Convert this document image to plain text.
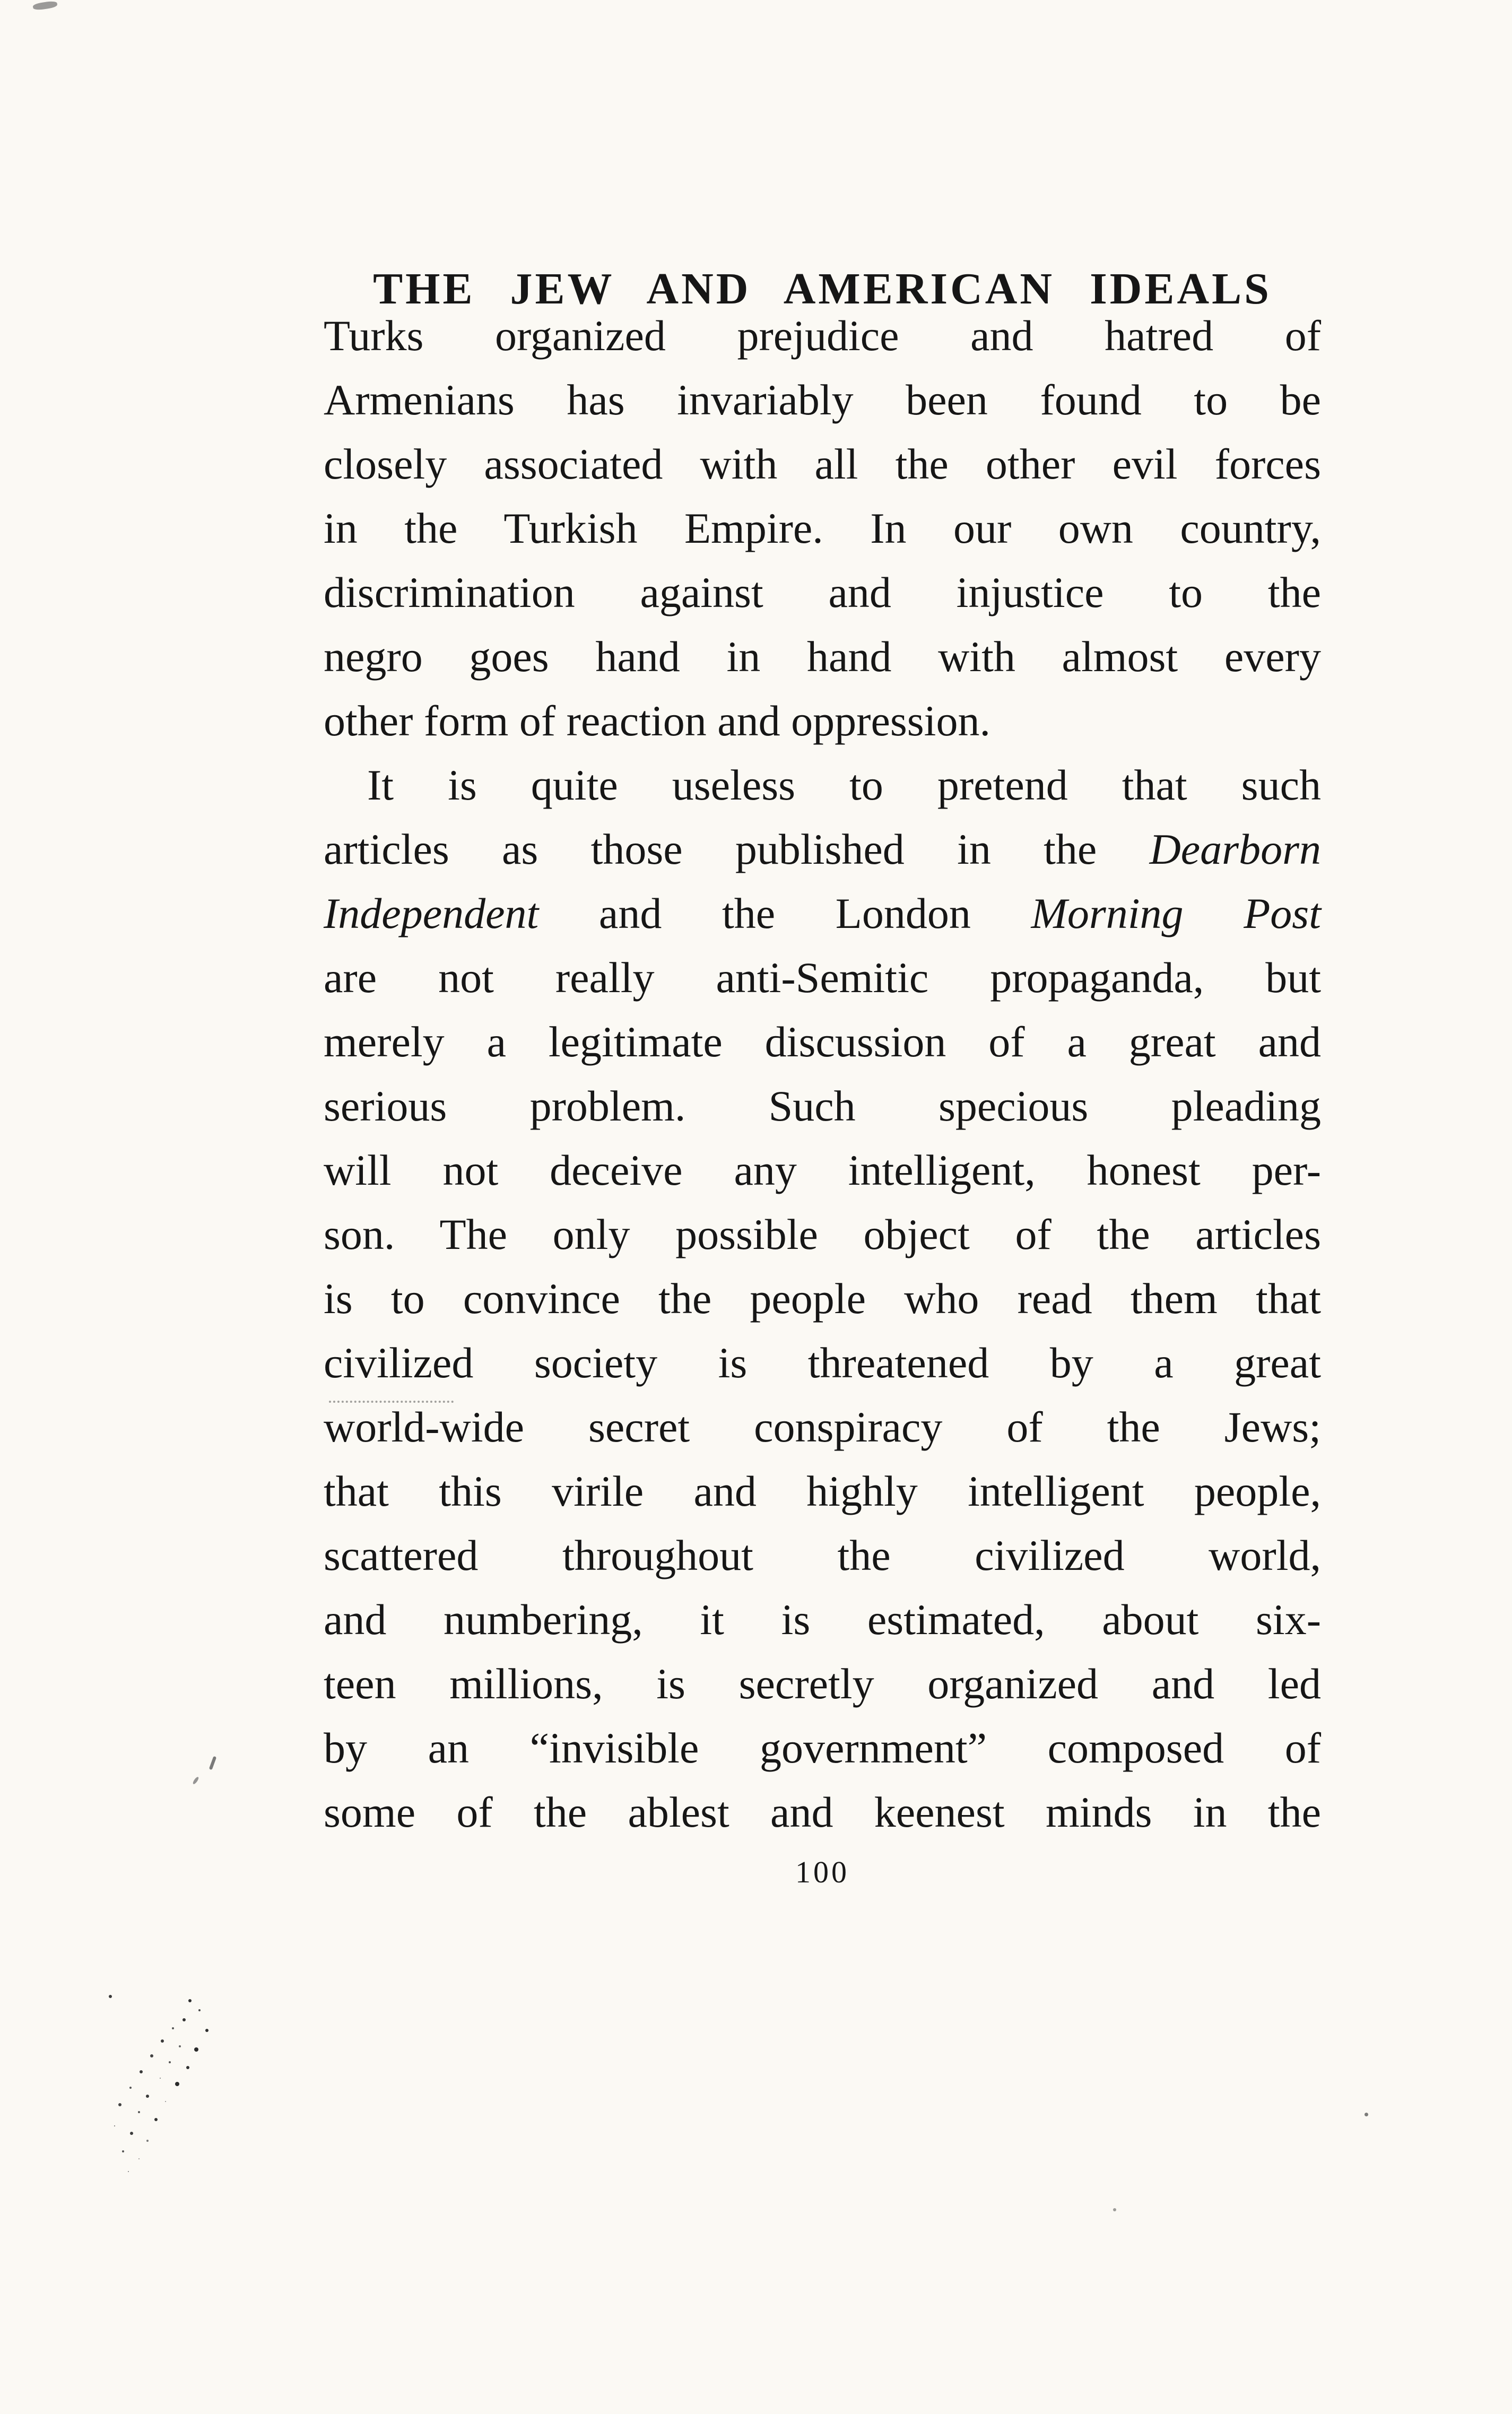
THE JEW AND AMERICAN IDEALS
Turks organized prejudice and hatred of
Armenians has invariably been found to be
closely associated with all the other evil forces
in the Turkish Empire. In our own country,
discrimination against and injustice to the
negro goes hand in hand with almost every
other form of reaction and oppression.
It is quite useless to pretend that such
articles as those published in the Dearborn
Independent and the London Morning Post
are not really anti-Semitic propaganda, but
merely a legitimate discussion of a great and
serious problem. Such specious pleading
will not deceive any intelligent, honest per-
son. The only possible object of the articles
is to convince the people who read them that
civilized society is threatened by a great
world-wide secret conspiracy of the Jews;
that this virile and highly intelligent people,
scattered throughout the civilized world,
and numbering, it is estimated, about six-
teen millions, is secretly organized and led
by an “invisible government” composed of
some of the ablest and keenest minds in the
100
